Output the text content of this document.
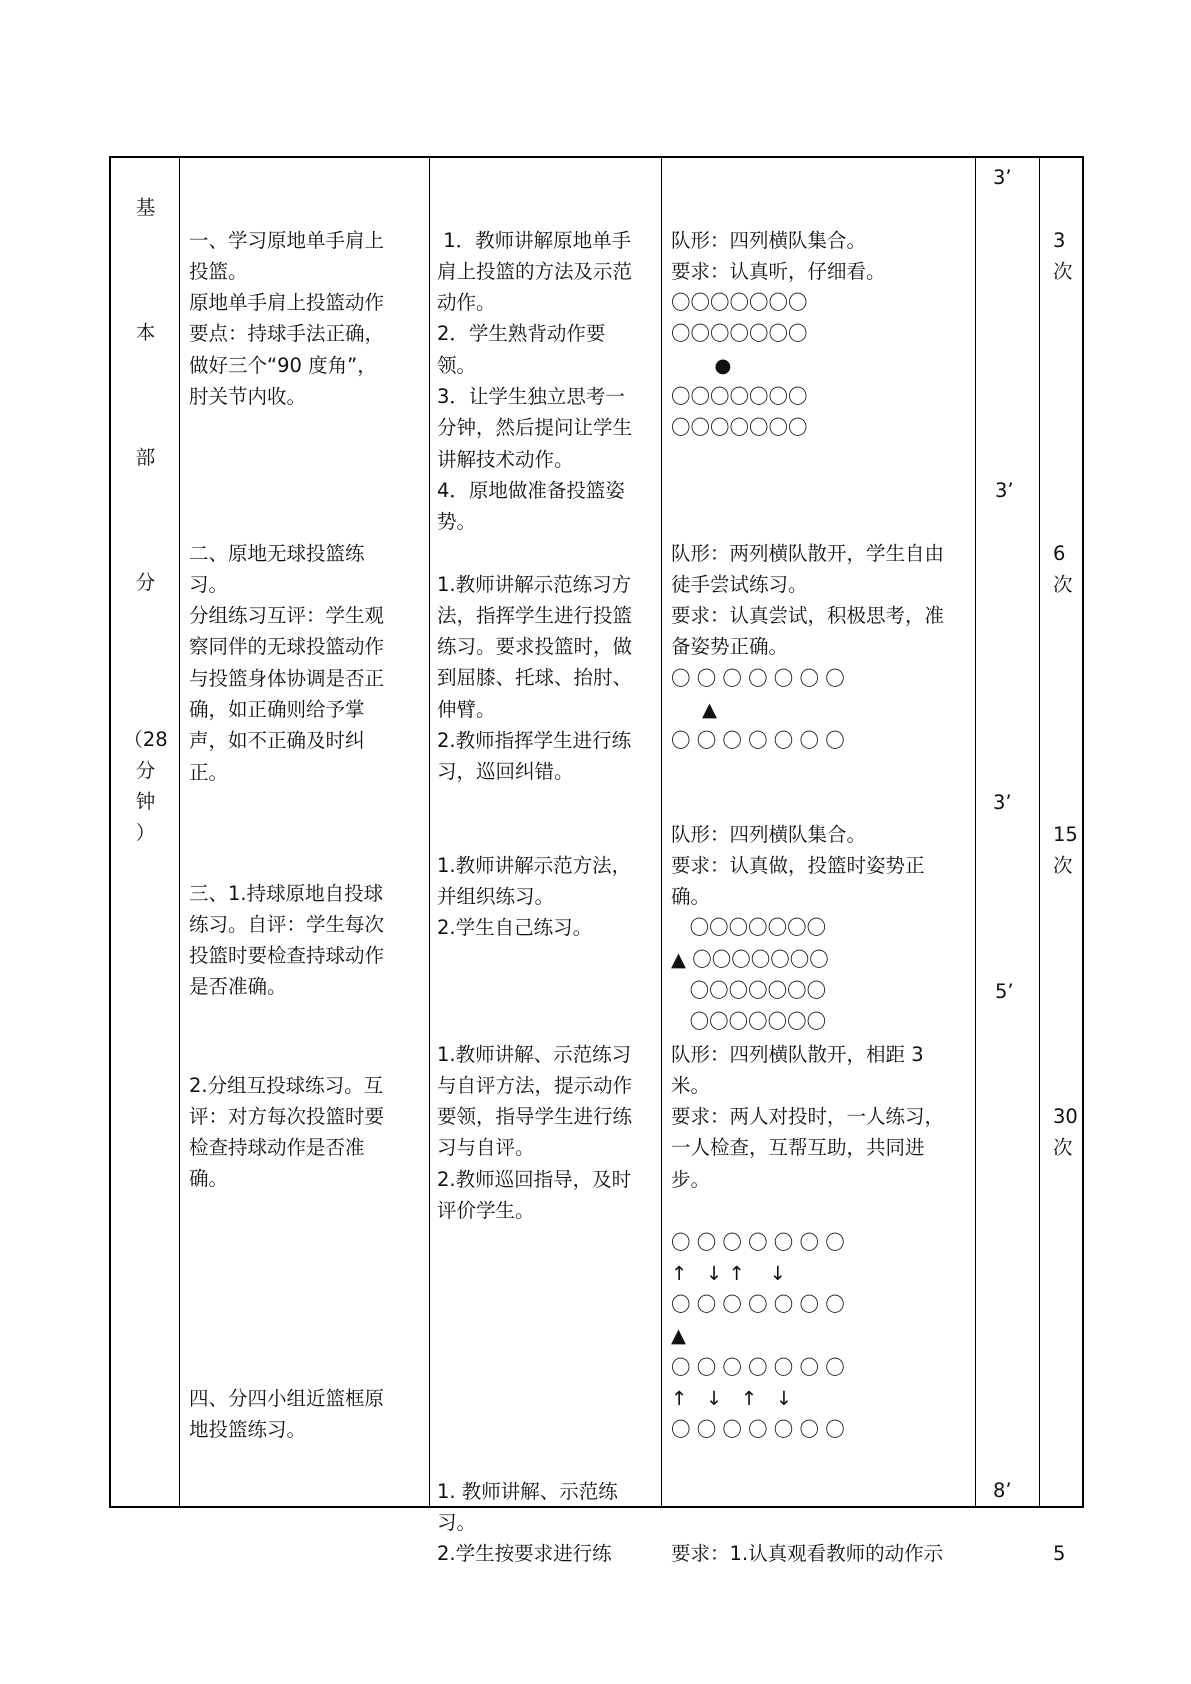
基
本
部
分
（28
分
钟
）

一、学习原地单手肩上
投篮。
原地单手肩上投篮动作
要点：持球手法正确，
做好三个“90 度角”，
肘关节内收。

1．教师讲解原地单手
肩上投篮的方法及示范
动作。
2．学生熟背动作要
领。
3．让学生独立思考一
分钟，然后提问让学生
讲解技术动作。
4．原地做准备投篮姿
势。

队形：四列横队集合。
要求：认真听，仔细看。
〇〇〇〇〇〇〇
〇〇〇〇〇〇〇
●
〇〇〇〇〇〇〇
〇〇〇〇〇〇〇

3’

3
次

二、原地无球投篮练
习。
分组练习互评：学生观
察同伴的无球投篮动作
与投篮身体协调是否正
确，如正确则给予掌
声，如不正确及时纠
正。

1.教师讲解示范练习方
法，指挥学生进行投篮
练习。要求投篮时，做
到屈膝、托球、抬肘、
伸臂。
2.教师指挥学生进行练
习，巡回纠错。

队形：两列横队散开，学生自由
徒手尝试练习。
要求：认真尝试，积极思考，准
备姿势正确。
〇 〇 〇 〇 〇 〇 〇
▲
〇 〇 〇 〇 〇 〇 〇

3’

6
次

三、1.持球原地自投球
练习。自评：学生每次
投篮时要检查持球动作
是否准确。

1.教师讲解示范方法，
并组织练习。
2.学生自己练习。

队形：四列横队集合。
要求：认真做，投篮时姿势正
确。
〇〇〇〇〇〇〇
▲ 〇〇〇〇〇〇〇
〇〇〇〇〇〇〇
〇〇〇〇〇〇〇

3’

15
次

2.分组互投球练习。互
评：对方每次投篮时要
检查持球动作是否准
确。

1.教师讲解、示范练习
与自评方法，提示动作
要领，指导学生进行练
习与自评。
2.教师巡回指导，及时
评价学生。

队形：四列横队散开，相距 3
米。
要求：两人对投时，一人练习，
一人检查，互帮互助，共同进
步。

〇 〇 〇 〇 〇 〇 〇
↑   ↓ ↑    ↓
〇 〇 〇 〇 〇 〇 〇
▲
〇 〇 〇 〇 〇 〇 〇
↑   ↓   ↑   ↓
〇 〇 〇 〇 〇 〇 〇

5’

30
次

四、分四小组近篮框原
地投篮练习。

1. 教师讲解、示范练
习。
2.学生按要求进行练

	要求：1.认真观看教师的动作示

8’

5
